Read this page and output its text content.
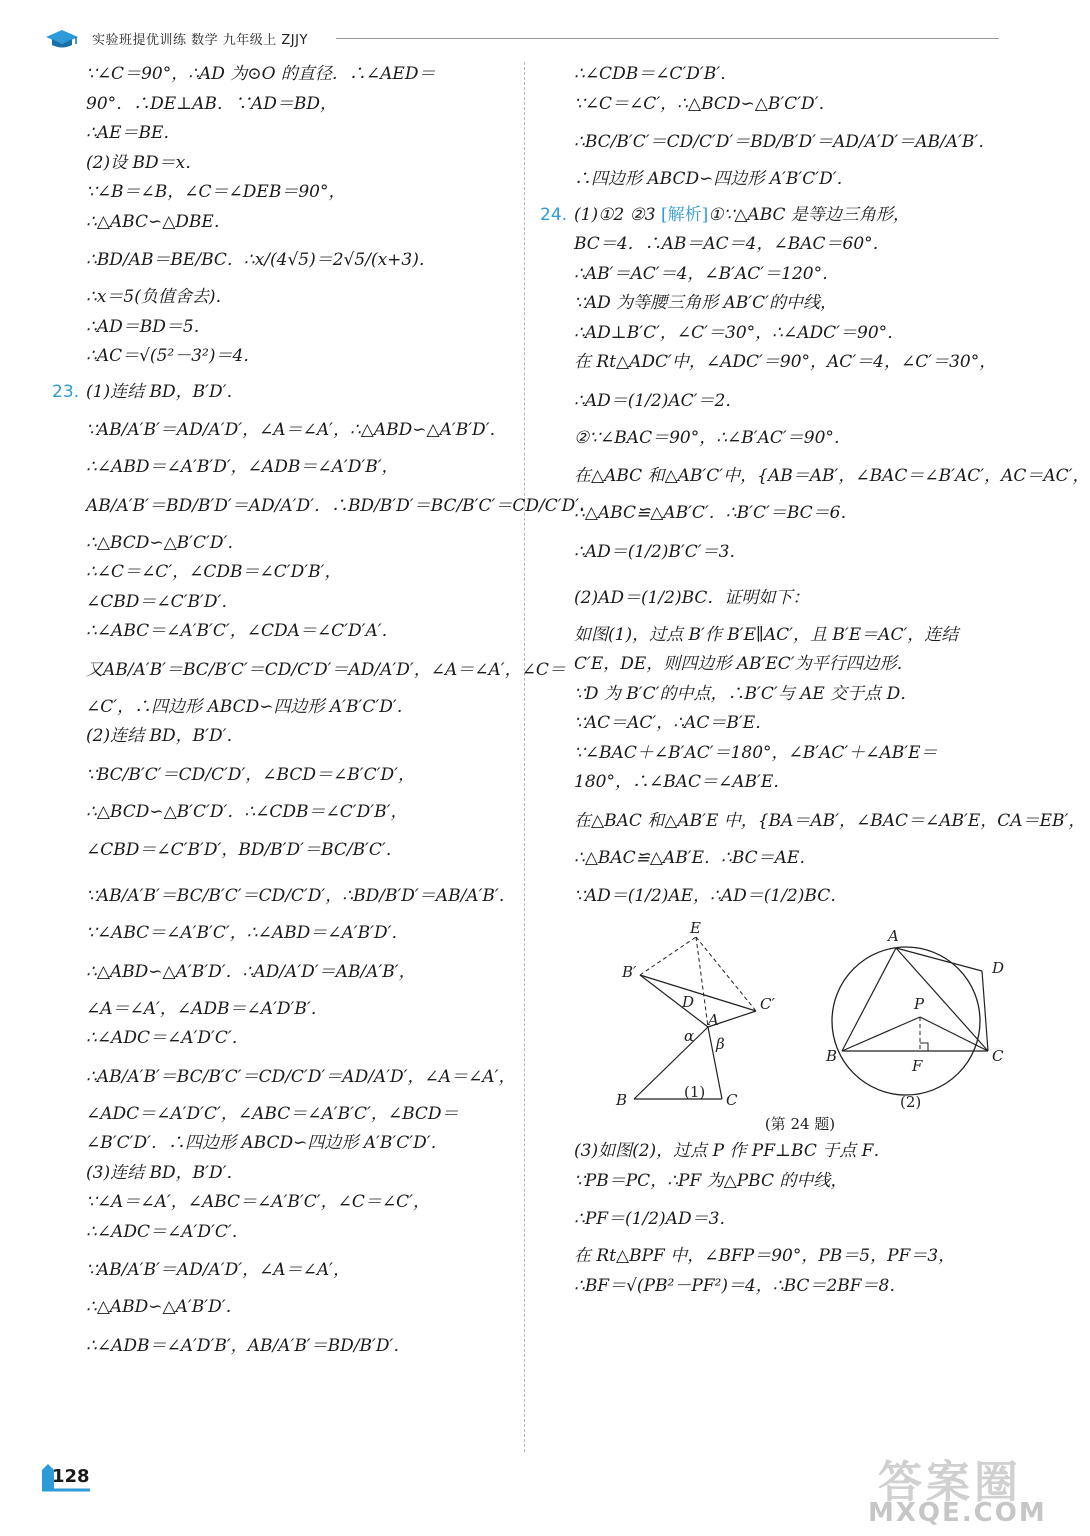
实验班提优训练 数学 九年级上 ZJJY
∵∠C＝90°，∴AD 为⊙O 的直径．∴∠AED＝
90°．∴DE⊥AB．∵AD＝BD，
∴AE＝BE．
(2)设 BD＝x．
∵∠B＝∠B，∠C＝∠DEB＝90°，
∴△ABC∽△DBE．
∴BD/AB＝BE/BC．∴x/(4√5)＝2√5/(x+3)．
∴x＝5(负值舍去)．
∴AD＝BD＝5．
∴AC＝√(5²－3²)＝4．
23. (1)连结 BD，B′D′．
∵AB/A′B′＝AD/A′D′，∠A＝∠A′，∴△ABD∽△A′B′D′．
∴∠ABD＝∠A′B′D′，∠ADB＝∠A′D′B′，
AB/A′B′＝BD/B′D′＝AD/A′D′．∴BD/B′D′＝BC/B′C′＝CD/C′D′．
∴△BCD∽△B′C′D′．
∴∠C＝∠C′，∠CDB＝∠C′D′B′，
∠CBD＝∠C′B′D′．
∴∠ABC＝∠A′B′C′，∠CDA＝∠C′D′A′．
又AB/A′B′＝BC/B′C′＝CD/C′D′＝AD/A′D′，∠A＝∠A′，∠C＝
∠C′，∴四边形 ABCD∽四边形 A′B′C′D′．
(2)连结 BD，B′D′．
∵BC/B′C′＝CD/C′D′，∠BCD＝∠B′C′D′，
∴△BCD∽△B′C′D′．∴∠CDB＝∠C′D′B′，
∠CBD＝∠C′B′D′，BD/B′D′＝BC/B′C′．
∵AB/A′B′＝BC/B′C′＝CD/C′D′，∴BD/B′D′＝AB/A′B′．
∵∠ABC＝∠A′B′C′，∴∠ABD＝∠A′B′D′．
∴△ABD∽△A′B′D′．∴AD/A′D′＝AB/A′B′，
∠A＝∠A′，∠ADB＝∠A′D′B′．
∴∠ADC＝∠A′D′C′．
∴AB/A′B′＝BC/B′C′＝CD/C′D′＝AD/A′D′，∠A＝∠A′，
∠ADC＝∠A′D′C′，∠ABC＝∠A′B′C′，∠BCD＝
∠B′C′D′．∴四边形 ABCD∽四边形 A′B′C′D′．
(3)连结 BD，B′D′．
∵∠A＝∠A′，∠ABC＝∠A′B′C′，∠C＝∠C′，
∴∠ADC＝∠A′D′C′．
∵AB/A′B′＝AD/A′D′，∠A＝∠A′，
∴△ABD∽△A′B′D′．
∴∠ADB＝∠A′D′B′，AB/A′B′＝BD/B′D′．
∴∠CDB＝∠C′D′B′．
∵∠C＝∠C′，∴△BCD∽△B′C′D′．
∴BC/B′C′＝CD/C′D′＝BD/B′D′＝AD/A′D′＝AB/A′B′．
∴四边形 ABCD∽四边形 A′B′C′D′．
24. (1)①2 ②3 [解析]①∵△ABC 是等边三角形，
BC＝4．∴AB＝AC＝4，∠BAC＝60°．
∴AB′＝AC′＝4，∠B′AC′＝120°．
∵AD 为等腰三角形 AB′C′的中线，
∴AD⊥B′C′，∠C′＝30°，∴∠ADC′＝90°．
在 Rt△ADC′中，∠ADC′＝90°，AC′＝4，∠C′＝30°，
∴AD＝(1/2)AC′＝2．
②∵∠BAC＝90°，∴∠B′AC′＝90°．
在△ABC 和△AB′C′中，{AB＝AB′，∠BAC＝∠B′AC′，AC＝AC′，
∴△ABC≌△AB′C′．∴B′C′＝BC＝6．
∴AD＝(1/2)B′C′＝3．
(2)AD＝(1/2)BC．证明如下：
如图(1)，过点 B′作 B′E∥AC′，且 B′E＝AC′，连结
C′E，DE，则四边形 AB′EC′为平行四边形．
∵D 为 B′C′的中点，∴B′C′与 AE 交于点 D．
∵AC＝AC′，∴AC＝B′E．
∵∠BAC＋∠B′AC′＝180°，∠B′AC′＋∠AB′E＝
180°，∴∠BAC＝∠AB′E．
在△BAC 和△AB′E 中，{BA＝AB′，∠BAC＝∠AB′E，CA＝EB′，
∴△BAC≌△AB′E．∴BC＝AE．
∵AD＝(1/2)AE，∴AD＝(1/2)BC．
E
B′
D	C′
A
α β
B	C
A
D
P
B
F
C
(1)
(2)
(第 24 题)
(3)如图(2)，过点 P 作 PF⊥BC 于点 F．
∵PB＝PC，∴PF 为△PBC 的中线，
∴PF＝(1/2)AD＝3．
在 Rt△BPF 中，∠BFP＝90°，PB＝5，PF＝3，
∴BF＝√(PB²－PF²)＝4，∴BC＝2BF＝8．
128	答案圈
MXQE.COM
